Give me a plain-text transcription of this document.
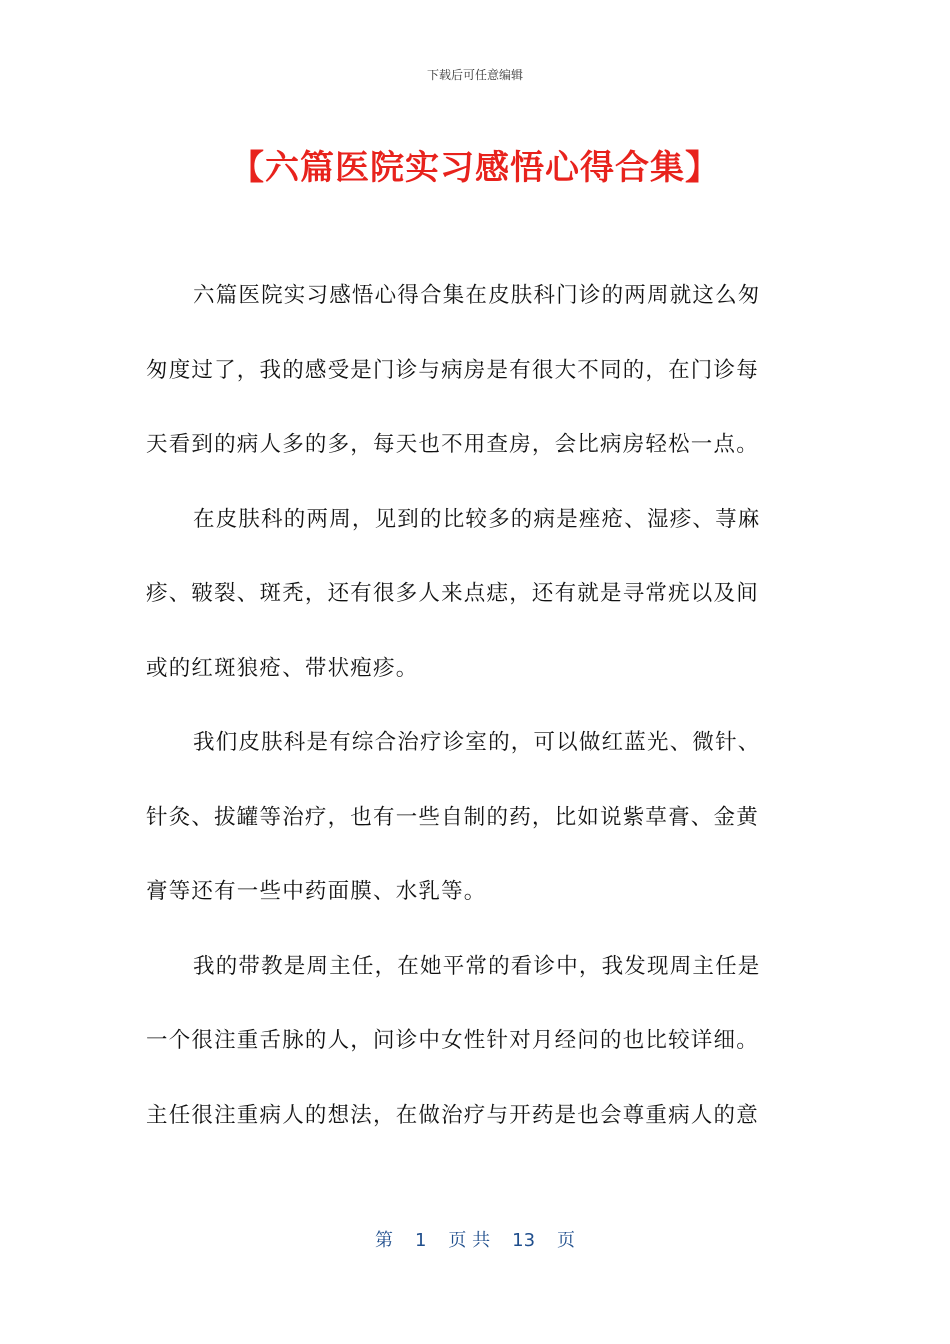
下载后可任意编辑
【六篇医院实习感悟心得合集】
六篇医院实习感悟心得合集在皮肤科门诊的两周就这么匆
匆度过了，我的感受是门诊与病房是有很大不同的，在门诊每
天看到的病人多的多，每天也不用查房，会比病房轻松一点。
在皮肤科的两周，见到的比较多的病是痤疮、湿疹、荨麻
疹、皲裂、斑秃，还有很多人来点痣，还有就是寻常疣以及间
或的红斑狼疮、带状疱疹。
我们皮肤科是有综合治疗诊室的，可以做红蓝光、微针、
针灸、拔罐等治疗，也有一些自制的药，比如说紫草膏、金黄
膏等还有一些中药面膜、水乳等。
我的带教是周主任，在她平常的看诊中，我发现周主任是
一个很注重舌脉的人，问诊中女性针对月经问的也比较详细。
主任很注重病人的想法，在做治疗与开药是也会尊重病人的意
第 1 页 共 13 页
